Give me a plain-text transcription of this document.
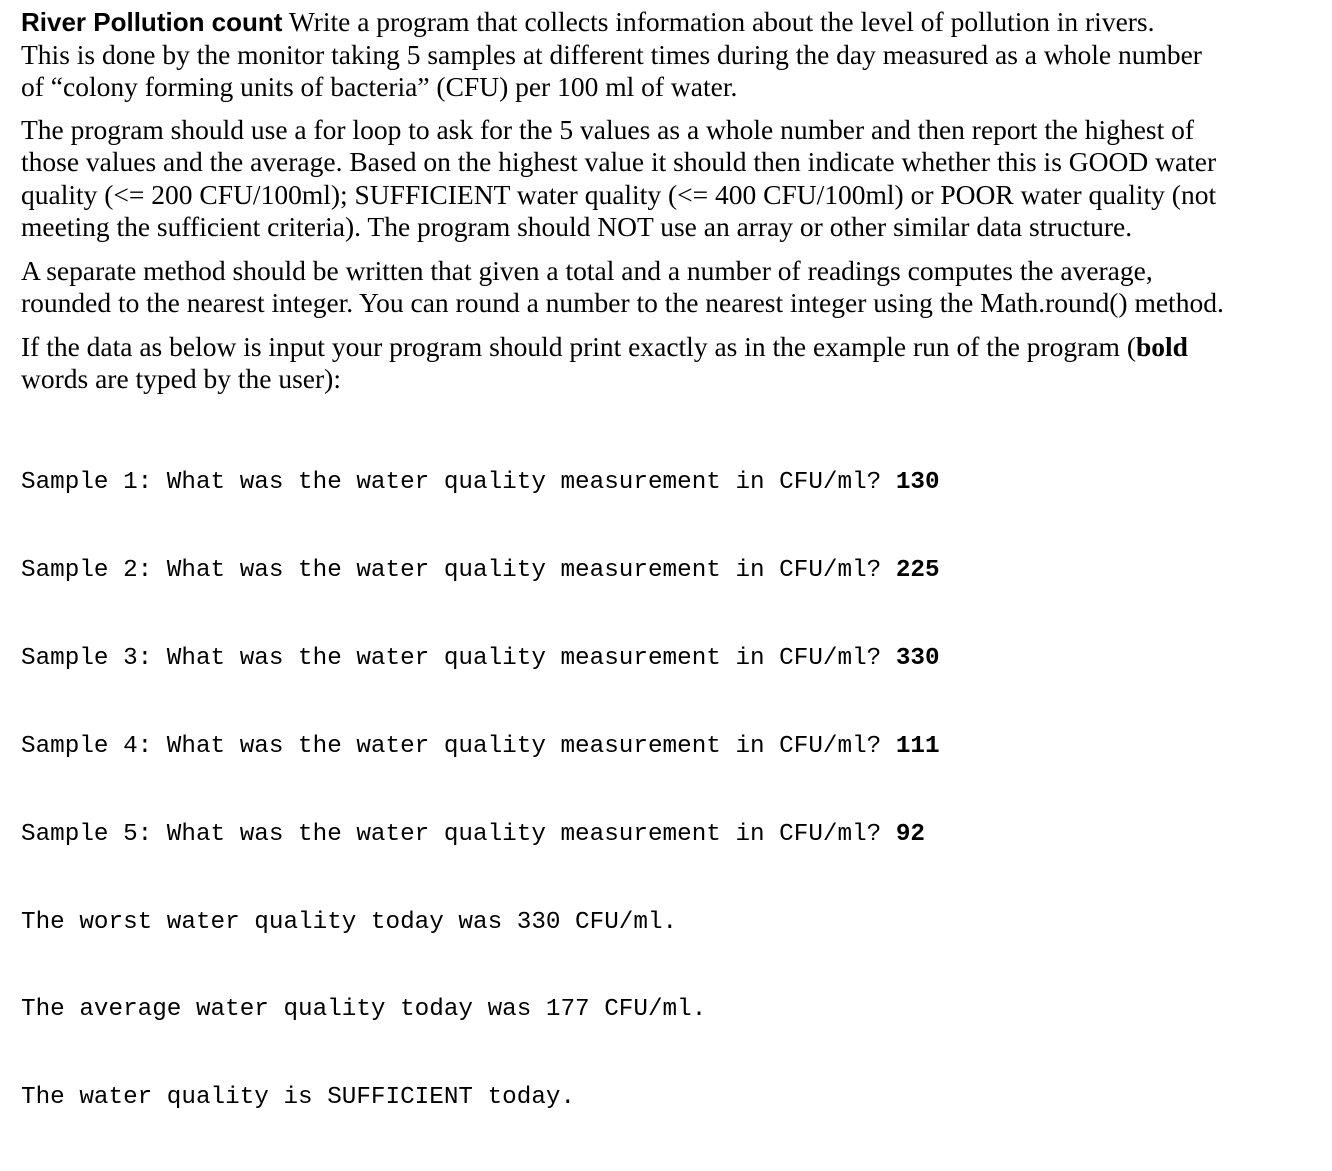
River Pollution count Write a program that collects information about the level of pollution in rivers.
This is done by the monitor taking 5 samples at different times during the day measured as a whole number
of “colony forming units of bacteria” (CFU) per 100 ml of water.

The program should use a for loop to ask for the 5 values as a whole number and then report the highest of
those values and the average. Based on the highest value it should then indicate whether this is GOOD water
quality (<= 200 CFU/100ml); SUFFICIENT water quality (<= 400 CFU/100ml) or POOR water quality (not
meeting the sufficient criteria). The program should NOT use an array or other similar data structure.

A separate method should be written that given a total and a number of readings computes the average,
rounded to the nearest integer. You can round a number to the nearest integer using the Math.round() method.

If the data as below is input your program should print exactly as in the example run of the program (bold
words are typed by the user):

Sample 1: What was the water quality measurement in CFU/ml? 130

Sample 2: What was the water quality measurement in CFU/ml? 225

Sample 3: What was the water quality measurement in CFU/ml? 330

Sample 4: What was the water quality measurement in CFU/ml? 111

Sample 5: What was the water quality measurement in CFU/ml? 92

The worst water quality today was 330 CFU/ml.

The average water quality today was 177 CFU/ml.

The water quality is SUFFICIENT today.
